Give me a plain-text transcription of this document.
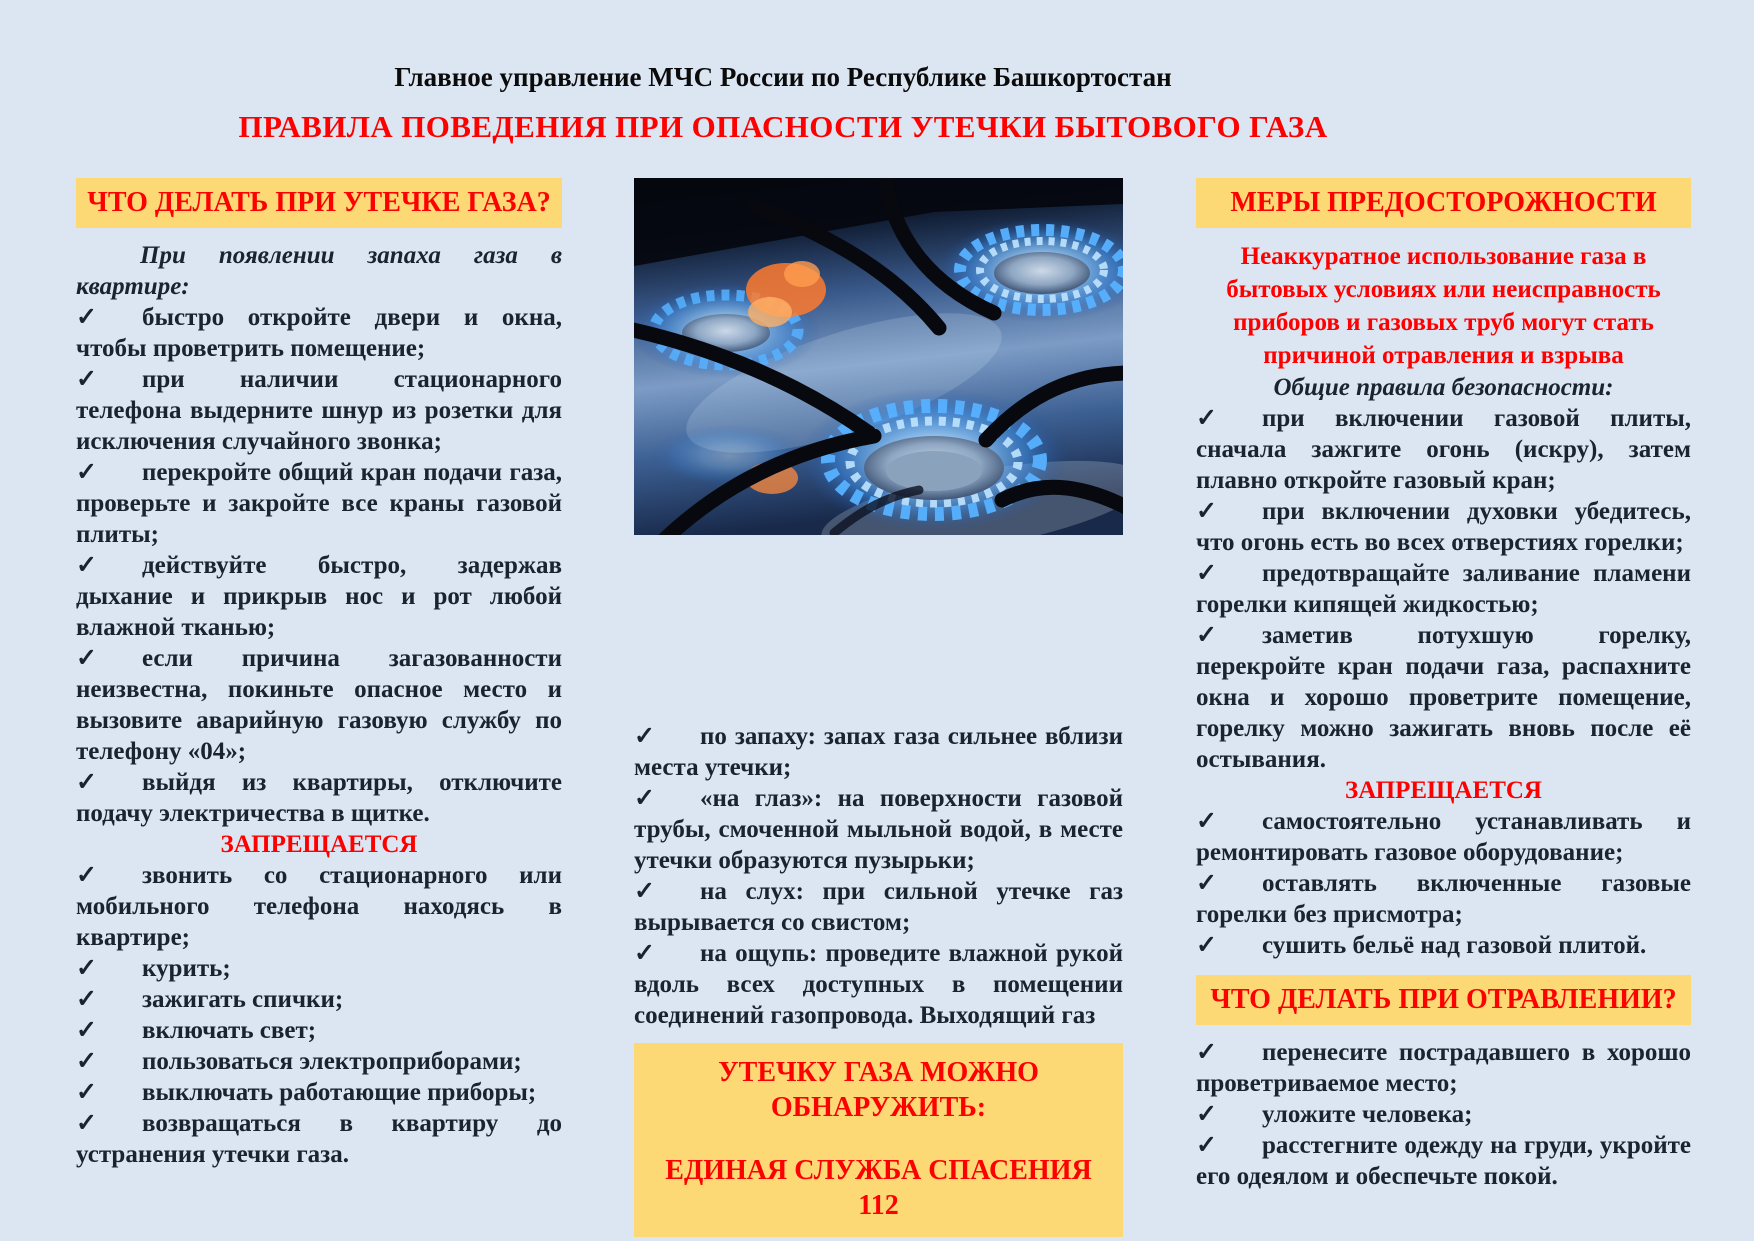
Главное управление МЧС России по Республике Башкортостан
ПРАВИЛА ПОВЕДЕНИЯ ПРИ ОПАСНОСТИ УТЕЧКИ БЫТОВОГО ГАЗА
ЧТО ДЕЛАТЬ ПРИ УТЕЧКЕ ГАЗА?

При появлении запаха газа в квартире:

✓ быстро откройте двери и окна, чтобы проветрить помещение;

✓ при наличии стационарного телефона выдерните шнур из розетки для исключения случайного звонка;

✓ перекройте общий кран подачи газа, проверьте и закройте все краны газовой плиты;

✓ действуйте быстро, задержав дыхание и прикрыв нос и рот любой влажной тканью;

✓ если причина загазованности неизвестна, покиньте опасное место и вызовите аварийную газовую службу по телефону «04»;

✓ выйдя из квартиры, отключите подачу электричества в щитке.

ЗАПРЕЩАЕТСЯ

✓ звонить со стационарного или мобильного телефона находясь в квартире;

✓ курить;

✓ зажигать спички;

✓ включать свет;

✓ пользоваться электроприборами;

✓ выключать работающие приборы;

✓ возвращаться в квартиру до устранения утечки газа.

✓ по запаху: запах газа сильнее вблизи места утечки;

✓ «на глаз»: на поверхности газовой трубы, смоченной мыльной водой, в месте утечки образуются пузырьки;

✓ на слух: при сильной утечке газ вырывается со свистом;

✓ на ощупь: проведите влажной рукой вдоль всех доступных в помещении соединений газопровода. Выходящий газ

УТЕЧКУ ГАЗА МОЖНО ОБНАРУЖИТЬ:
ЕДИНАЯ СЛУЖБА СПАСЕНИЯ 112
МЕРЫ ПРЕДОСТОРОЖНОСТИ

Неаккуратное использование газа в бытовых условиях или неисправность приборов и газовых труб могут стать причиной отравления и взрыва

Общие правила безопасности:

✓ при включении газовой плиты, сначала зажгите огонь (искру), затем плавно откройте газовый кран;

✓ при включении духовки убедитесь, что огонь есть во всех отверстиях горелки;

✓ предотвращайте заливание пламени горелки кипящей жидкостью;

✓ заметив потухшую горелку, перекройте кран подачи газа, распахните окна и хорошо проветрите помещение, горелку можно зажигать вновь после её остывания.

ЗАПРЕЩАЕТСЯ

✓ самостоятельно устанавливать и ремонтировать газовое оборудование;

✓ оставлять включенные газовые горелки без присмотра;

✓ сушить бельё над газовой плитой.

ЧТО ДЕЛАТЬ ПРИ ОТРАВЛЕНИИ?

✓ перенесите пострадавшего в хорошо проветриваемое место;

✓ уложите человека;

✓ расстегните одежду на груди, укройте его одеялом и обеспечьте покой.
